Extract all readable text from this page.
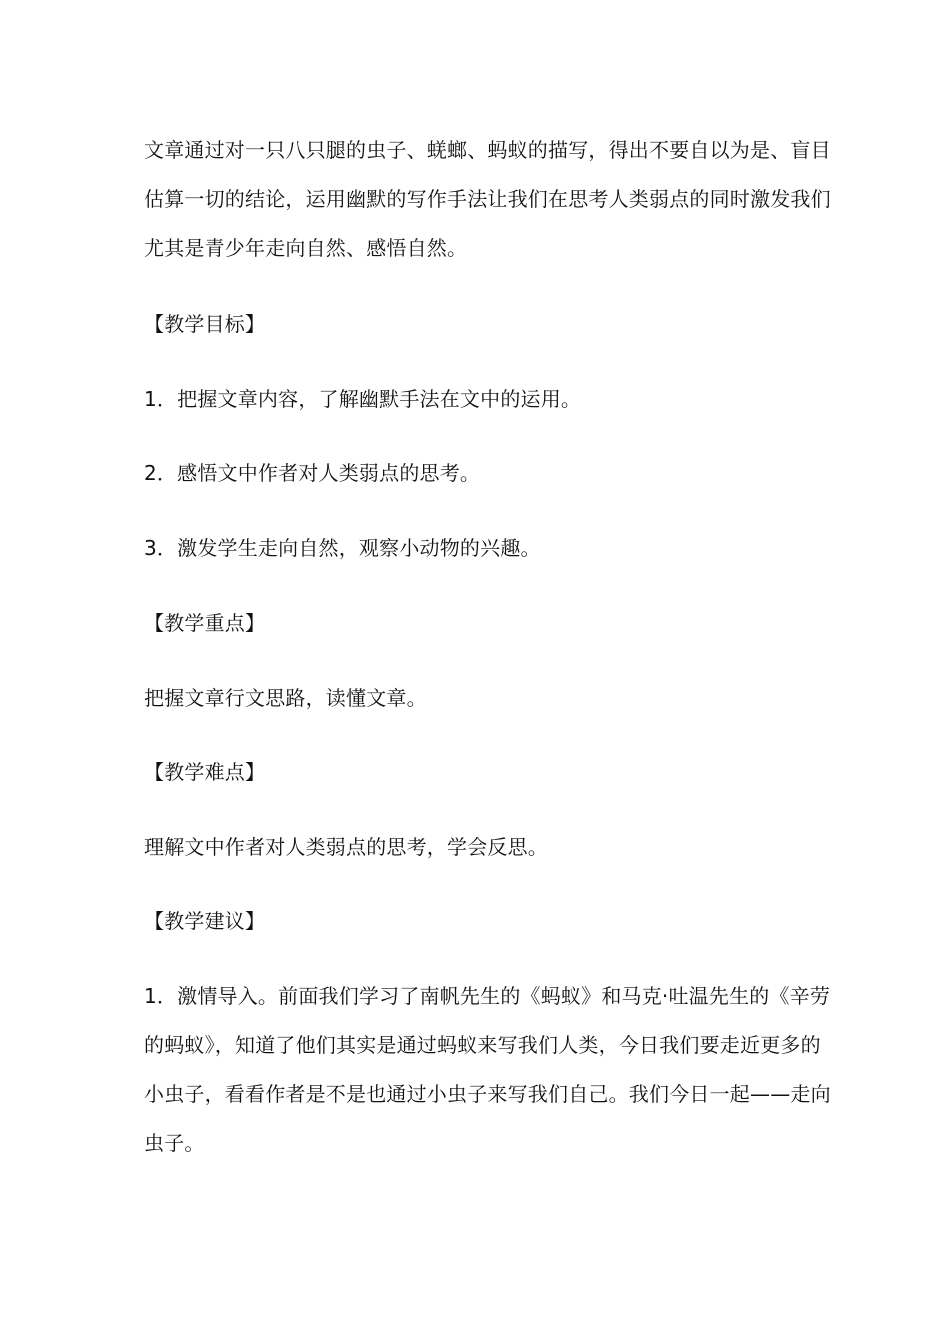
文章通过对一只八只腿的虫子、蜣螂、蚂蚁的描写，得出不要自以为是、盲目
估算一切的结论，运用幽默的写作手法让我们在思考人类弱点的同时激发我们
尤其是青少年走向自然、感悟自然。
【教学目标】
1．把握文章内容，了解幽默手法在文中的运用。
2．感悟文中作者对人类弱点的思考。
3．激发学生走向自然，观察小动物的兴趣。
【教学重点】
把握文章行文思路，读懂文章。
【教学难点】
理解文中作者对人类弱点的思考，学会反思。
【教学建议】
1．激情导入。前面我们学习了南帆先生的《蚂蚁》和马克·吐温先生的《辛劳
的蚂蚁》，知道了他们其实是通过蚂蚁来写我们人类，今日我们要走近更多的
小虫子，看看作者是不是也通过小虫子来写我们自己。我们今日一起——走向
虫子。
